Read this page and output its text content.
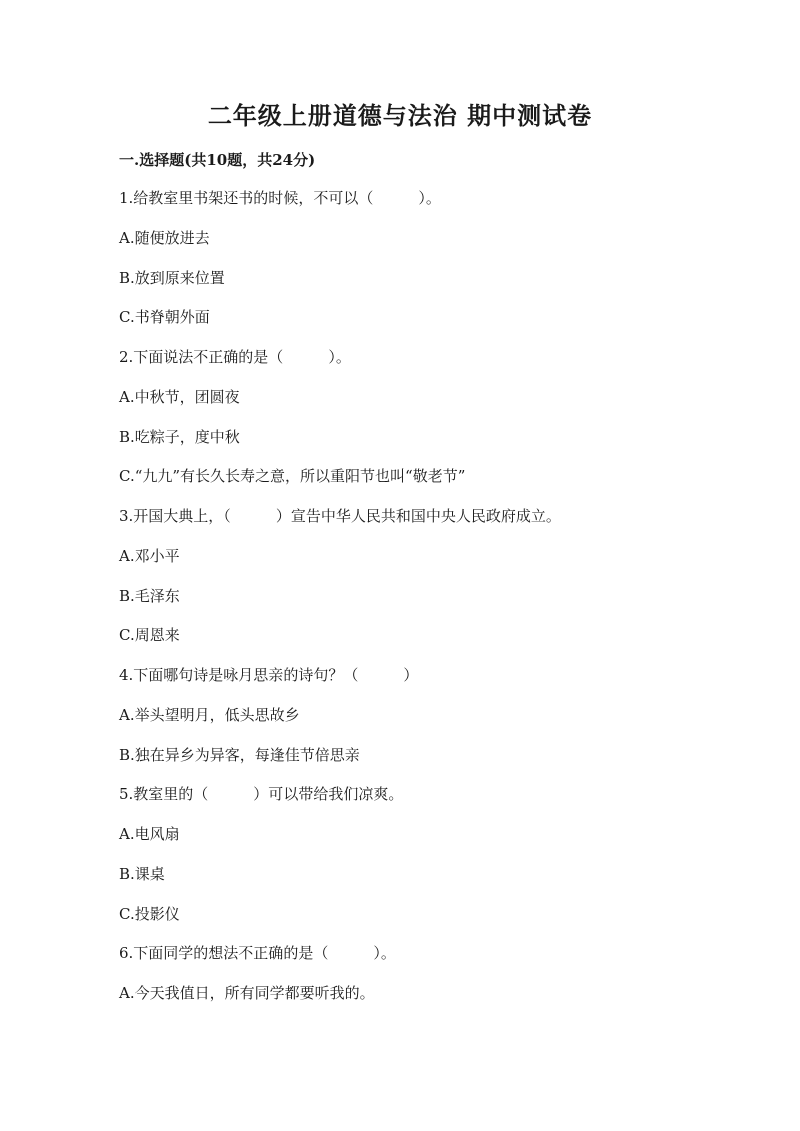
二年级上册道德与法治 期中测试卷
一.选择题(共10题，共24分)
1.给教室里书架还书的时候，不可以（　　　）。
A.随便放进去
B.放到原来位置
C.书脊朝外面
2.下面说法不正确的是（　　　）。
A.中秋节，团圆夜
B.吃粽子，度中秋
C.“九九”有长久长寿之意，所以重阳节也叫“敬老节”
3.开国大典上，（　　　）宣告中华人民共和国中央人民政府成立。
A.邓小平
B.毛泽东
C.周恩来
4.下面哪句诗是咏月思亲的诗句？（　　　）
A.举头望明月，低头思故乡
B.独在异乡为异客，每逢佳节倍思亲
5.教室里的（　　　）可以带给我们凉爽。
A.电风扇
B.课桌
C.投影仪
6.下面同学的想法不正确的是（　　　）。
A.今天我值日，所有同学都要听我的。
